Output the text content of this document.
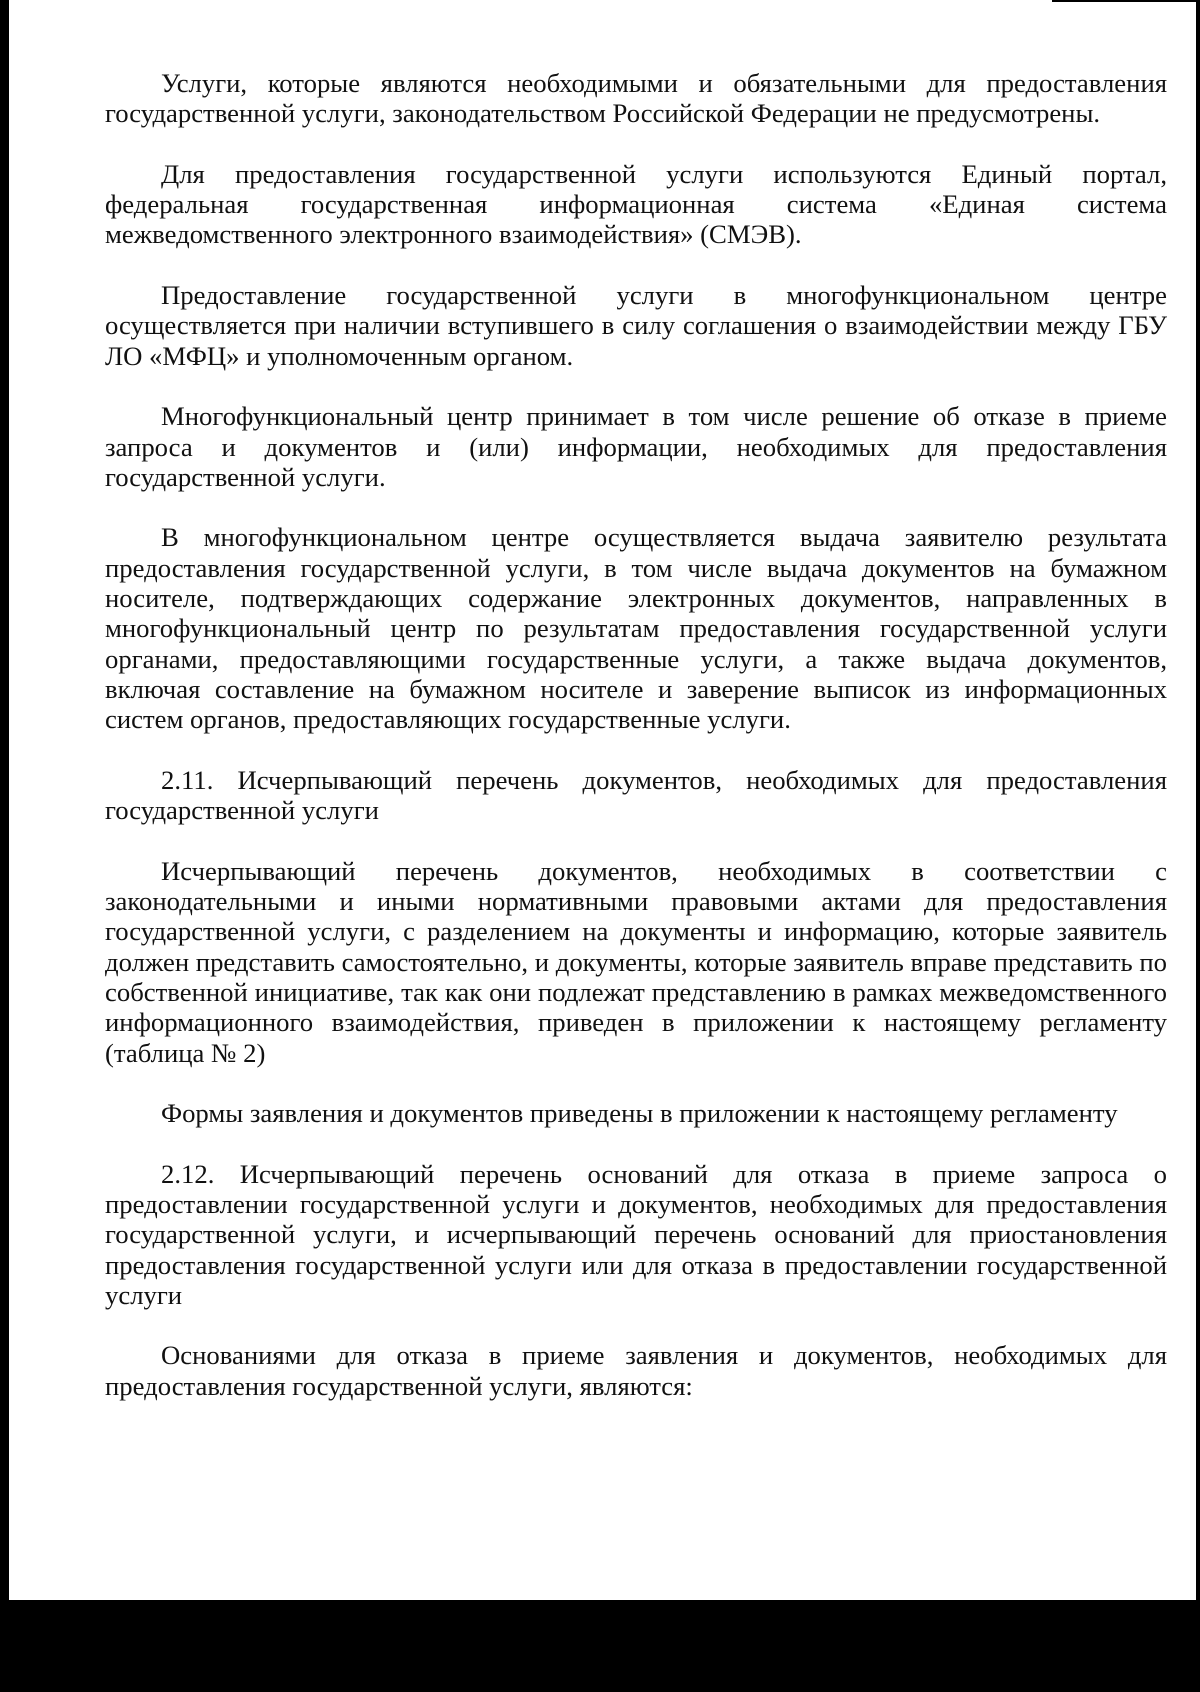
Услуги, которые являются необходимыми и обязательными для предоставления государственной услуги, законодательством Российской Федерации не предусмотрены.

Для предоставления государственной услуги используются Единый портал, федеральная государственная информационная система «Единая система межведомственного электронного взаимодействия» (СМЭВ).

Предоставление государственной услуги в многофункциональном центре осуществляется при наличии вступившего в силу соглашения о взаимодействии между ГБУ ЛО «МФЦ» и уполномоченным органом.

Многофункциональный центр принимает в том числе решение об отказе в приеме запроса и документов и (или) информации, необходимых для предоставления государственной услуги.

В многофункциональном центре осуществляется выдача заявителю результата предоставления государственной услуги, в том числе выдача документов на бумажном носителе, подтверждающих содержание электронных документов, направленных в многофункциональный центр по результатам предоставления государственной услуги органами, предоставляющими государственные услуги, а также выдача документов, включая составление на бумажном носителе и заверение выписок из информационных систем органов, предоставляющих государственные услуги.

2.11. Исчерпывающий перечень документов, необходимых для предоставления государственной услуги

Исчерпывающий перечень документов, необходимых в соответствии с законодательными и иными нормативными правовыми актами для предоставления государственной услуги, с разделением на документы и информацию, которые заявитель должен представить самостоятельно, и документы, которые заявитель вправе представить по собственной инициативе, так как они подлежат представлению в рамках межведомственного информационного взаимодействия, приведен в приложении к настоящему регламенту (таблица № 2)

Формы заявления и документов приведены в приложении к настоящему регламенту

2.12. Исчерпывающий перечень оснований для отказа в приеме запроса о предоставлении государственной услуги и документов, необходимых для предоставления государственной услуги, и исчерпывающий перечень оснований для приостановления предоставления государственной услуги или для отказа в предоставлении государственной услуги

Основаниями для отказа в приеме заявления и документов, необходимых для предоставления государственной услуги, являются:
